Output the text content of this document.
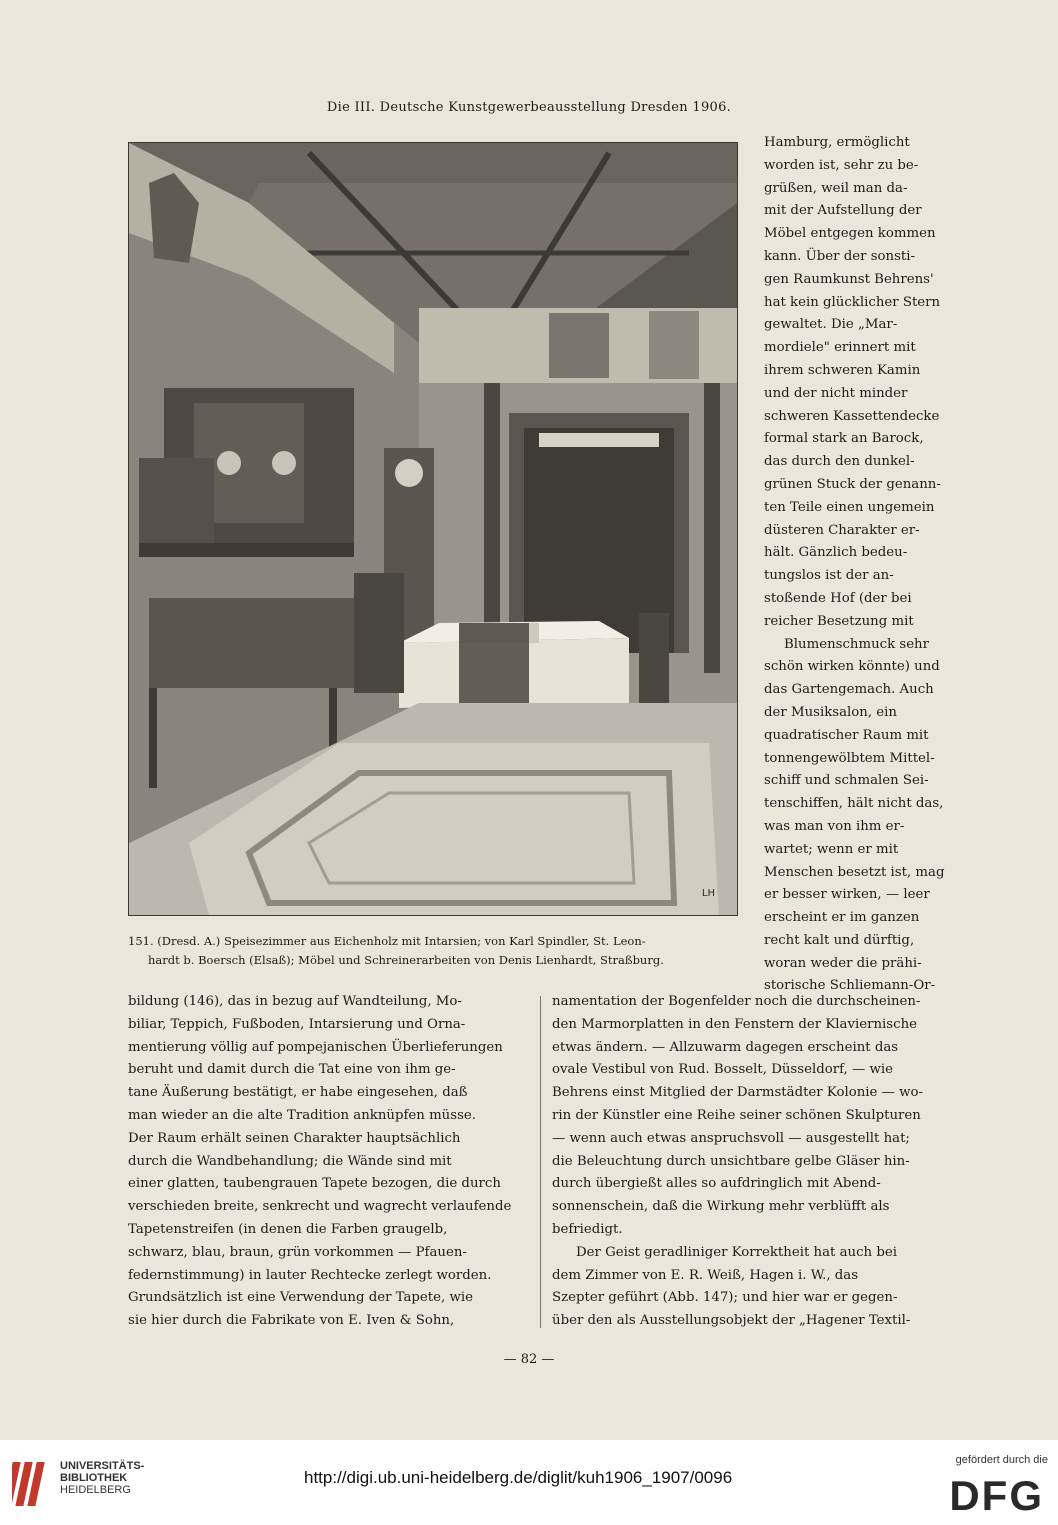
Die III. Deutsche Kunstgewerbeausstellung Dresden 1906.
LH
151. (Dresd. A.) Speisezimmer aus Eichenholz mit Intarsien; von Karl Spindler, St. Leon-
hardt b. Boersch (Elsaß); Möbel und Schreinerarbeiten von Denis Lienhardt, Straßburg.
Hamburg, ermöglicht
worden ist, sehr zu be-
grüßen, weil man da-
mit der Aufstellung der
Möbel entgegen kommen
kann. Über der sonsti-
gen Raumkunst Behrens'
hat kein glücklicher Stern
gewaltet. Die „Mar-
mordiele" erinnert mit
ihrem schweren Kamin
und der nicht minder
schweren Kassettendecke
formal stark an Barock,
das durch den dunkel-
grünen Stuck der genann-
ten Teile einen ungemein
düsteren Charakter er-
hält. Gänzlich bedeu-
tungslos ist der an-
stoßende Hof (der bei
reicher Besetzung mit
Blumenschmuck sehr
schön wirken könnte) und
das Gartengemach. Auch
der Musiksalon, ein
quadratischer Raum mit
tonnengewölbtem Mittel-
schiff und schmalen Sei-
tenschiffen, hält nicht das,
was man von ihm er-
wartet; wenn er mit
Menschen besetzt ist, mag
er besser wirken, — leer
erscheint er im ganzen
recht kalt und dürftig,
woran weder die prähi-
storische Schliemann-Or-
bildung (146), das in bezug auf Wandteilung, Mo-
biliar, Teppich, Fußboden, Intarsierung und Orna-
mentierung völlig auf pompejanischen Überlieferungen
beruht und damit durch die Tat eine von ihm ge-
tane Äußerung bestätigt, er habe eingesehen, daß
man wieder an die alte Tradition anknüpfen müsse.
Der Raum erhält seinen Charakter hauptsächlich
durch die Wandbehandlung; die Wände sind mit
einer glatten, taubengrauen Tapete bezogen, die durch
verschieden breite, senkrecht und wagrecht verlaufende
Tapetenstreifen (in denen die Farben graugelb,
schwarz, blau, braun, grün vorkommen — Pfauen-
federnstimmung) in lauter Rechtecke zerlegt worden.
Grundsätzlich ist eine Verwendung der Tapete, wie
sie hier durch die Fabrikate von E. Iven & Sohn,
namentation der Bogenfelder noch die durchscheinen-
den Marmorplatten in den Fenstern der Klaviernische
etwas ändern. — Allzuwarm dagegen erscheint das
ovale Vestibul von Rud. Bosselt, Düsseldorf, — wie
Behrens einst Mitglied der Darmstädter Kolonie — wo-
rin der Künstler eine Reihe seiner schönen Skulpturen
— wenn auch etwas anspruchsvoll — ausgestellt hat;
die Beleuchtung durch unsichtbare gelbe Gläser hin-
durch übergießt alles so aufdringlich mit Abend-
sonnenschein, daß die Wirkung mehr verblüfft als
befriedigt.
Der Geist geradliniger Korrektheit hat auch bei
dem Zimmer von E. R. Weiß, Hagen i. W., das
Szepter geführt (Abb. 147); und hier war er gegen-
über den als Ausstellungsobjekt der „Hagener Textil-
— 82 —
UNIVERSITÄTS-
BIBLIOTHEK
HEIDELBERG
http://digi.ub.uni-heidelberg.de/diglit/kuh1906_1907/0096
gefördert durch die
DFG
